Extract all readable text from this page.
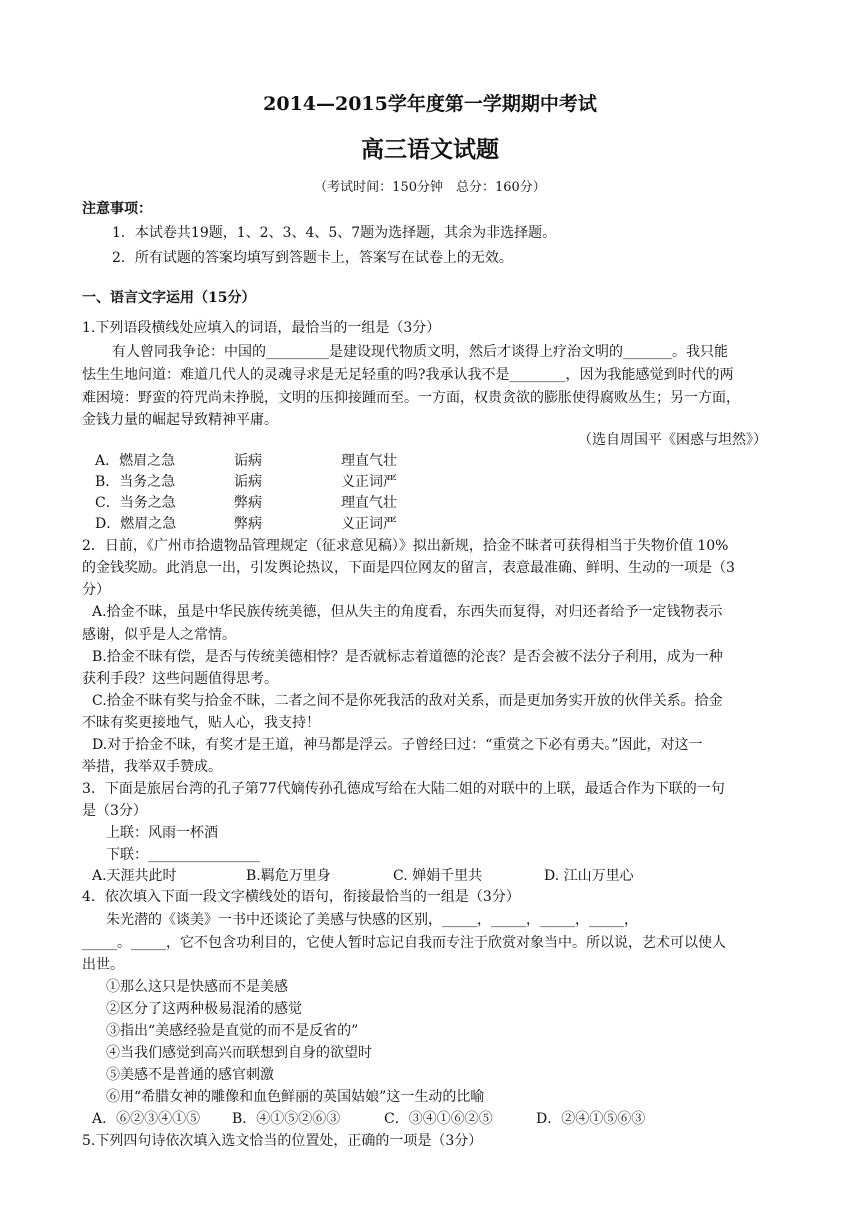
2014—2015学年度第一学期期中考试
高三语文试题
（考试时间：150分钟　总分：160分）
注意事项：
1．本试卷共19题，1、2、3、4、5、7题为选择题，其余为非选择题。
2．所有试题的答案均填写到答题卡上，答案写在试卷上的无效。
一、语言文字运用（15分）
1.下列语段横线处应填入的词语，最恰当的一组是（3分）
有人曾同我争论：中国的_________是建设现代物质文明，然后才谈得上疗治文明的_______。我只能
怯生生地问道：难道几代人的灵魂寻求是无足轻重的吗?我承认我不是________，因为我能感觉到时代的两
难困境：野蛮的符咒尚未挣脱，文明的压抑接踵而至。一方面，权贵贪欲的膨胀使得腐败丛生；另一方面，
金钱力量的崛起导致精神平庸。
（选自周国平《困惑与坦然》）
A．燃眉之急	诟病	理直气壮
B．当务之急	诟病	义正词严
C．当务之急	弊病	理直气壮
D．燃眉之急	弊病	义正词严
2．日前，《广州市拾遗物品管理规定（征求意见稿）》拟出新规，拾金不昧者可获得相当于失物价值 10%
的金钱奖励。此消息一出，引发舆论热议，下面是四位网友的留言，表意最准确、鲜明、生动的一项是（3
分）
A.拾金不昧，虽是中华民族传统美德，但从失主的角度看，东西失而复得，对归还者给予一定钱物表示
感谢，似乎是人之常情。
B.拾金不昧有偿，是否与传统美德相悖？是否就标志着道德的沦丧？是否会被不法分子利用，成为一种
获利手段？这些问题值得思考。
C.拾金不昧有奖与拾金不昧，二者之间不是你死我活的敌对关系，而是更加务实开放的伙伴关系。拾金
不昧有奖更接地气，贴人心，我支持！
D.对于拾金不昧，有奖才是王道，神马都是浮云。子曾经曰过：“重赏之下必有勇夫。”因此，对这一
举措，我举双手赞成。
3．下面是旅居台湾的孔子第77代嫡传孙孔德成写给在大陆二姐的对联中的上联，最适合作为下联的一句
是（3分）
上联：风雨一杯酒
下联：________________
A.天涯共此时	B.羁危万里身	C. 婵娟千里共	D. 江山万里心
4．依次填入下面一段文字横线处的语句，衔接最恰当的一组是（3分）
朱光潜的《谈美》一书中还谈论了美感与快感的区别，_____，_____，_____，_____，
_____。_____，它不包含功利目的，它使人暂时忘记自我而专注于欣赏对象当中。所以说，艺术可以使人
出世。
①那么这只是快感而不是美感
②区分了这两种极易混淆的感觉
③指出“美感经验是直觉的而不是反省的”
④当我们感觉到高兴而联想到自身的欲望时
⑤美感不是普通的感官刺激
⑥用“希腊女神的雕像和血色鲜丽的英国姑娘”这一生动的比喻
A．⑥②③④①⑤ B．④①⑤②⑥③	C．③④①⑥②⑤	D．②④①⑤⑥③
5.下列四句诗依次填入选文恰当的位置处，正确的一项是（3分）
